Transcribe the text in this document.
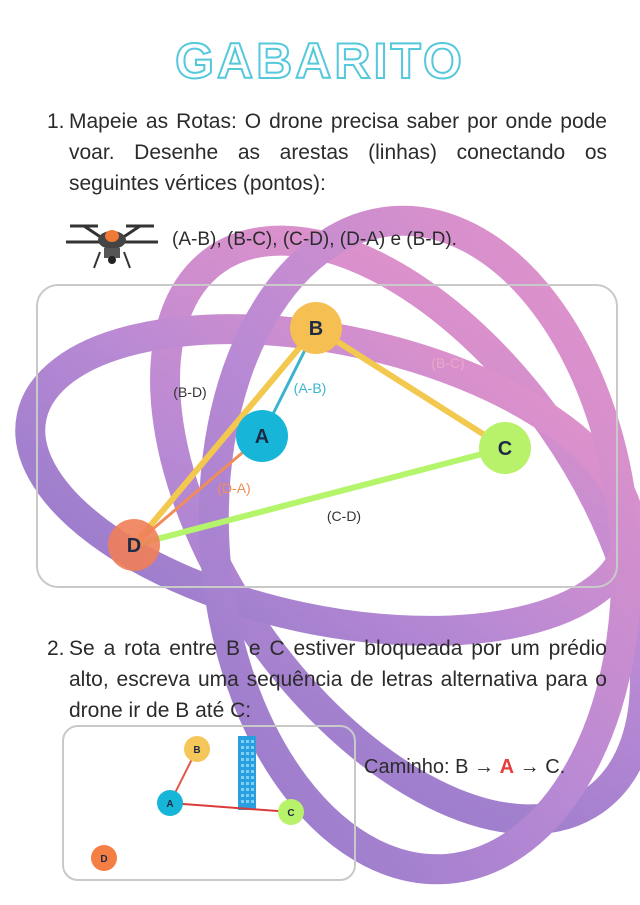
GABARITO
1. Mapeie as Rotas: O drone precisa saber por onde pode voar. Desenhe as arestas (linhas) conectando os seguintes vértices (pontos):
(A-B), (B-C), (C-D), (D-A) e (B-D).
2. Se a rota entre B e C estiver bloqueada por um prédio alto, escreva uma sequência de letras alternativa para o drone ir de B até C:
Caminho: B → A → C.
(A-B)
(B-C)
(C-D)
(D-A)
(B-D)
B
A
C
D
B
A
C
D
